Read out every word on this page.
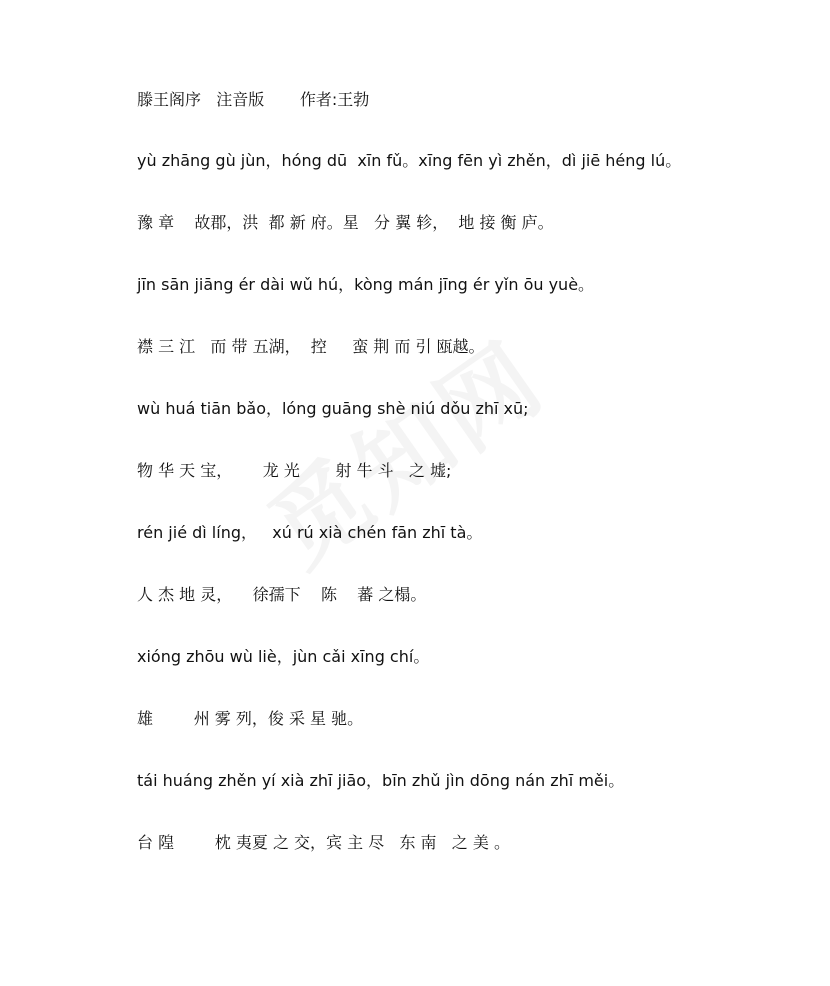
滕王阁序   注音版       作者:王勃

yù zhāng gù jùn，hóng dū  xīn fǔ。xīng fēn yì zhěn，dì jiē héng lú。

豫 章    故郡，洪  都 新 府。星   分 翼 轸，  地 接 衡 庐。

jīn sān jiāng ér dài wǔ hú，kòng mán jīng ér yǐn ōu yuè。

襟 三 江   而 带 五湖，  控     蛮 荆 而 引 瓯越。

wù huá tiān bǎo，lóng guāng shè niú dǒu zhī xū;

物 华 天 宝，      龙 光       射 牛 斗   之 墟;

rén jié dì líng，   xú rú xià chén fān zhī tà。

人 杰 地 灵，    徐孺下    陈    蕃 之榻。

xióng zhōu wù liè，jùn cǎi xīng chí。

雄        州 雾 列，俊 采 星 驰。

tái huáng zhěn yí xià zhī jiāo，bīn zhǔ jìn dōng nán zhī měi。

台 隍        枕 夷夏 之 交，宾 主 尽   东 南   之 美 。
